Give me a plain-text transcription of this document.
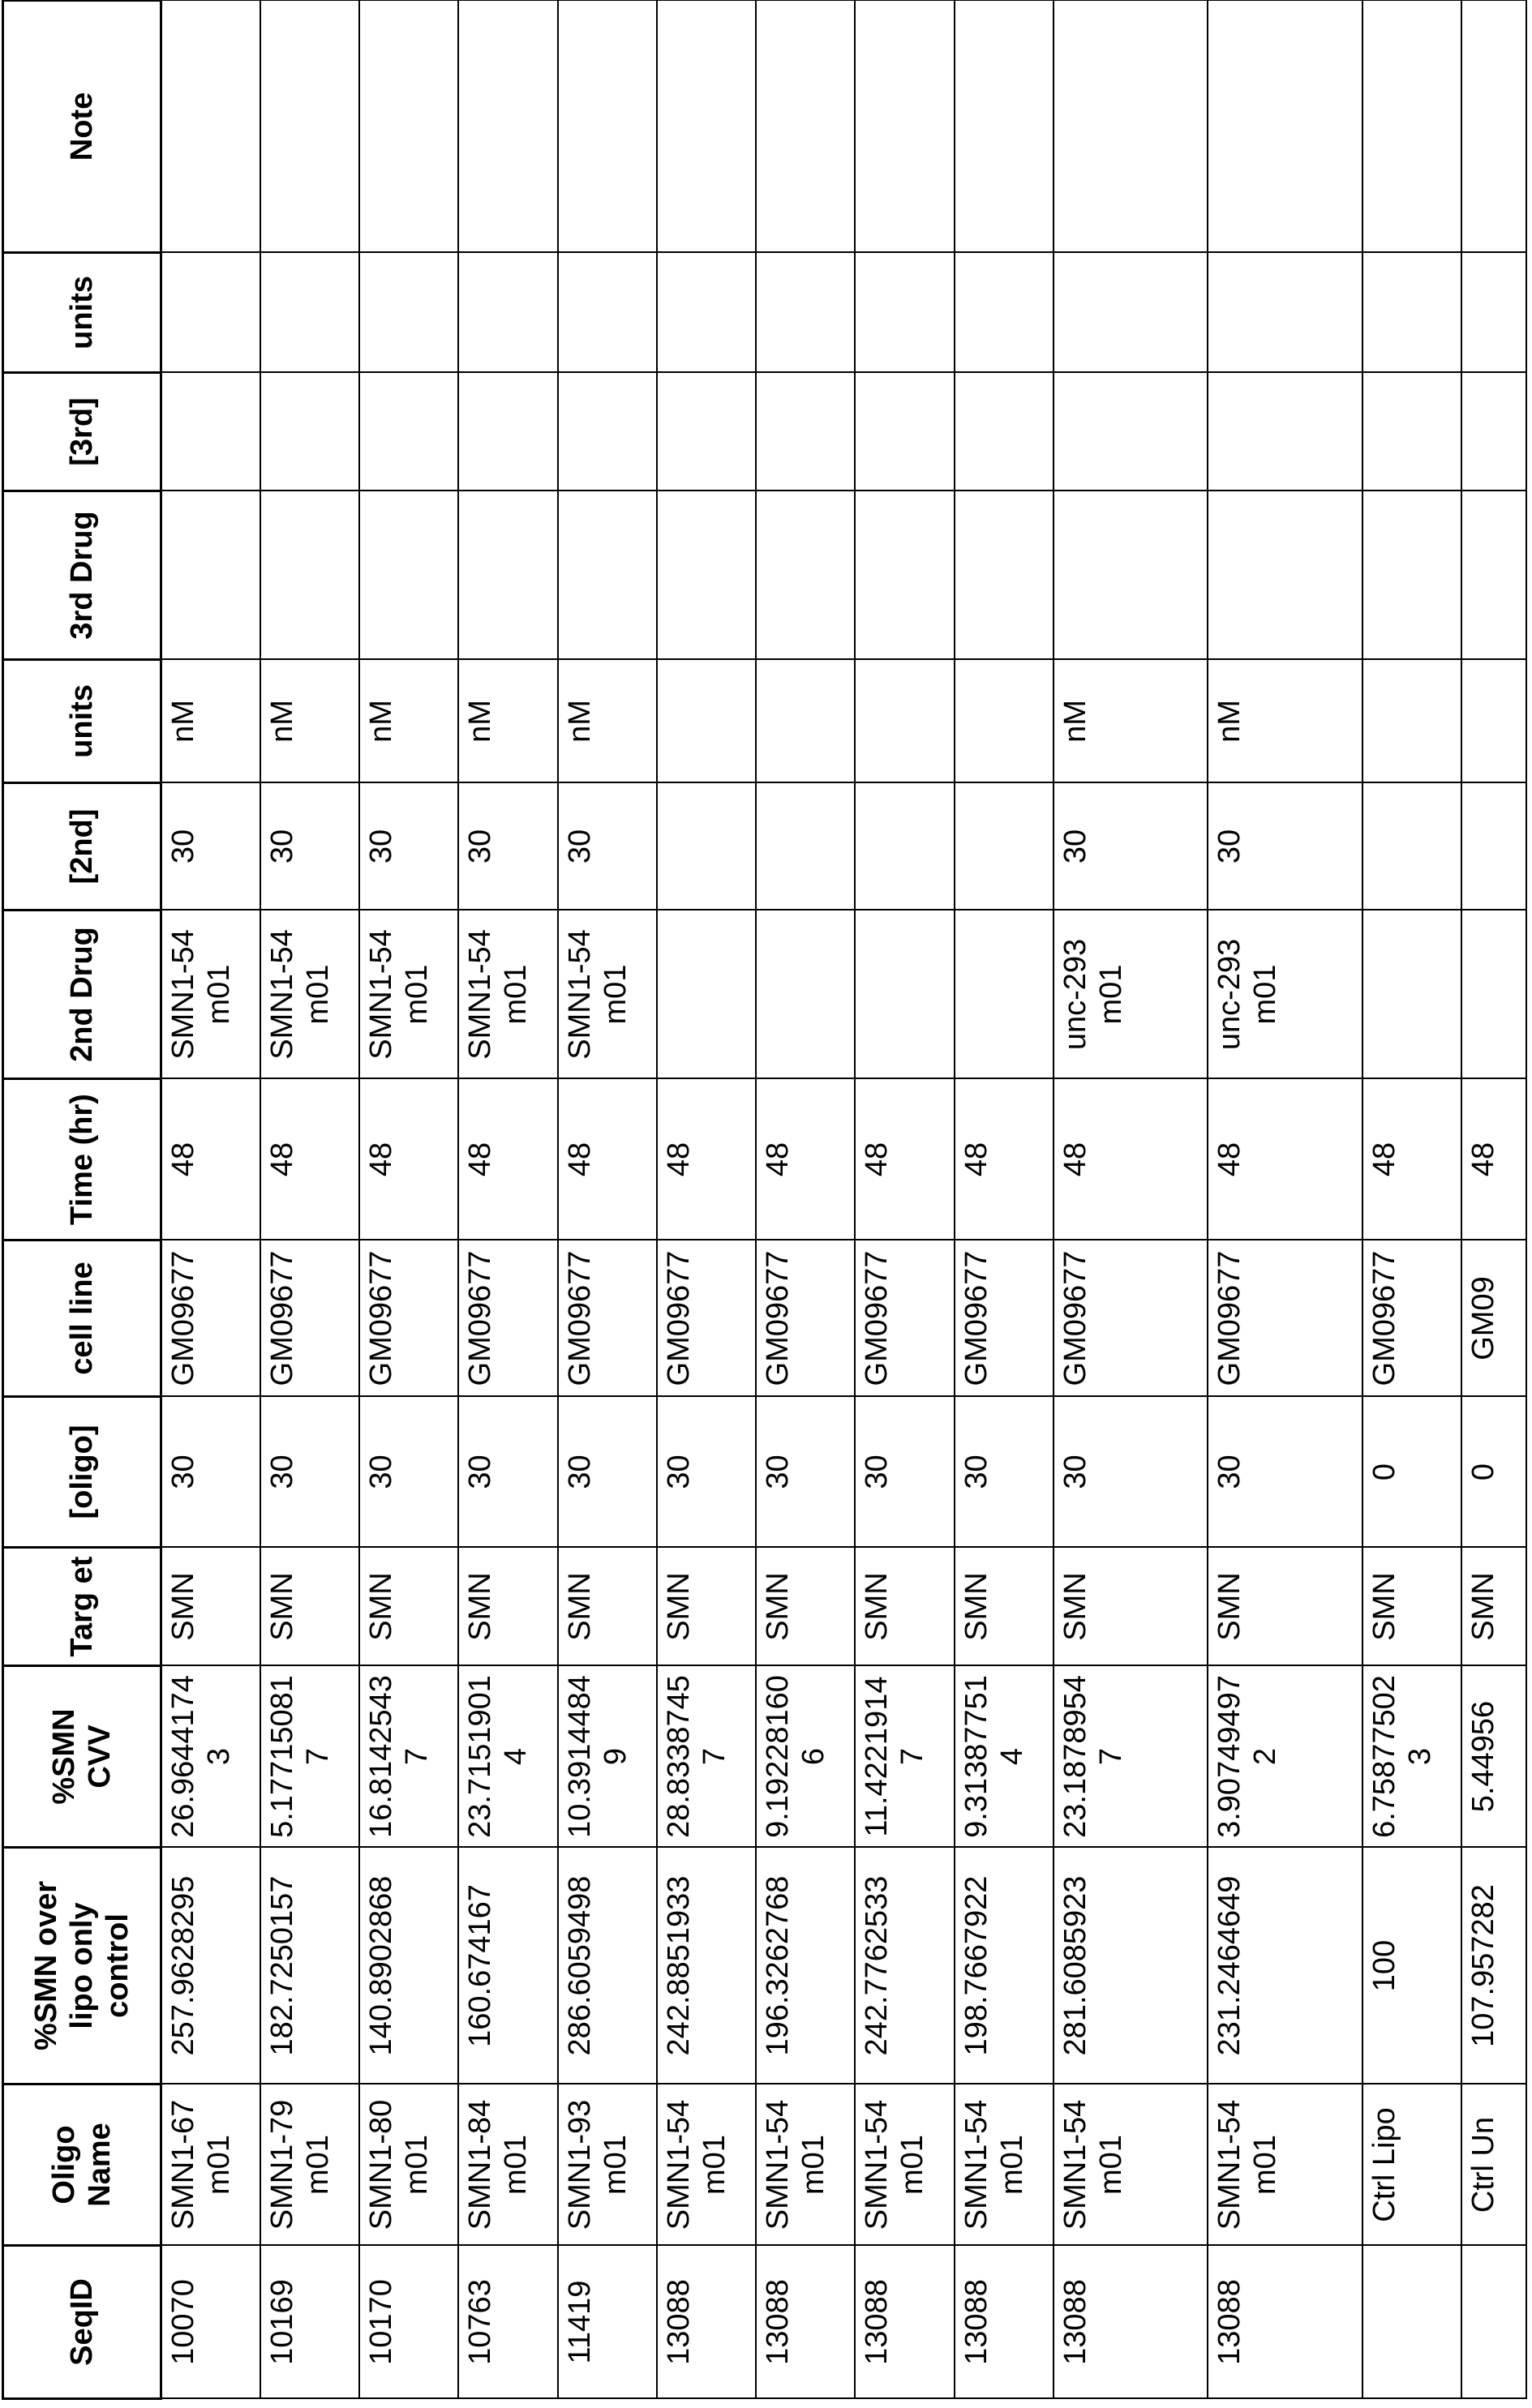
SeqID	Oligo Name	%SMN over lipo only control	%SMN CVV	Targ et	[oligo]	cell line	Time (hr)	2nd Drug	[2nd]	units	3rd Drug	[3rd]	units	Note
10070	SMN1-67 m01	257.9628295	26.96441743	SMN	30	GM09677	48	SMN1-54 m01	30	nM				
10169	SMN1-79 m01	182.7250157	5.177150817	SMN	30	GM09677	48	SMN1-54 m01	30	nM				
10170	SMN1-80 m01	140.8902868	16.81425437	SMN	30	GM09677	48	SMN1-54 m01	30	nM				
10763	SMN1-84 m01	160.674167	23.71519014	SMN	30	GM09677	48	SMN1-54 m01	30	nM				
11419	SMN1-93 m01	286.6059498	10.39144849	SMN	30	GM09677	48	SMN1-54 m01	30	nM				
13088	SMN1-54 m01	242.8851933	28.83387457	SMN	30	GM09677	48							
13088	SMN1-54 m01	196.3262768	9.192281606	SMN	30	GM09677	48							
13088	SMN1-54 m01	242.7762533	11.42219147	SMN	30	GM09677	48							
13088	SMN1-54 m01	198.7667922	9.313877514	SMN	30	GM09677	48							
13088	SMN1-54 m01	281.6085923	23.18789547	SMN	30	GM09677	48	unc-293 m01	30	nM				
13088	SMN1-54 m01	231.2464649	3.907494972	SMN	30	GM09677	48	unc-293 m01	30	nM				
	Ctrl Lipo	100	6.758775023	SMN	0	GM09677	48							
	Ctrl Un	107.957282	5.44956	SMN	0	GM09	48							
